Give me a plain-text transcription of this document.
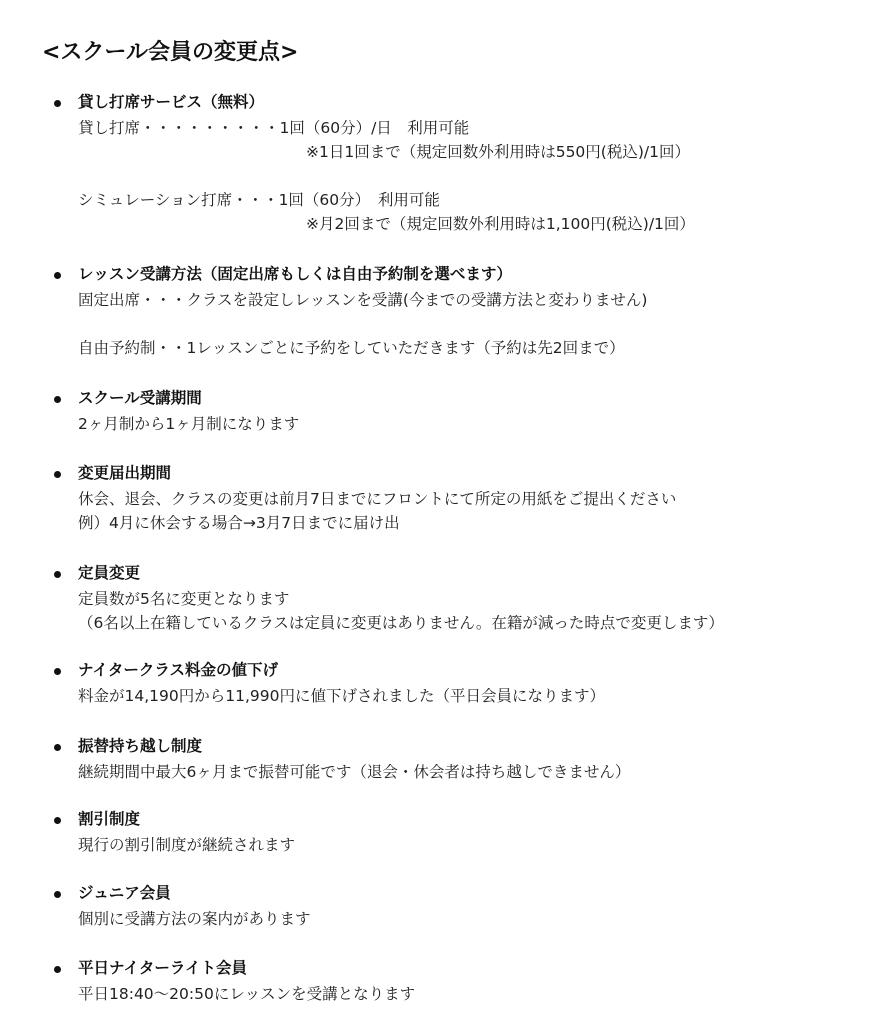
<スクール会員の変更点>
貸し打席サービス（無料）
貸し打席・・・・・・・・・1回（60分）/日　利用可能
※1日1回まで（規定回数外利用時は550円(税込)/1回）
シミュレーション打席・・・1回（60分）　利用可能
※月2回まで（規定回数外利用時は1,100円(税込)/1回）
レッスン受講方法（固定出席もしくは自由予約制を選べます）
固定出席・・・クラスを設定しレッスンを受講(今までの受講方法と変わりません)
自由予約制・・1レッスンごとに予約をしていただきます（予約は先2回まで）
スクール受講期間
2ヶ月制から1ヶ月制になります
変更届出期間
休会、退会、クラスの変更は前月7日までにフロントにて所定の用紙をご提出ください
例）4月に休会する場合→3月7日までに届け出
定員変更
定員数が5名に変更となります
（6名以上在籍しているクラスは定員に変更はありません。在籍が減った時点で変更します）
ナイタークラス料金の値下げ
料金が14,190円から11,990円に値下げされました（平日会員になります）
振替持ち越し制度
継続期間中最大6ヶ月まで振替可能です（退会・休会者は持ち越しできません）
割引制度
現行の割引制度が継続されます
ジュニア会員
個別に受講方法の案内があります
平日ナイターライト会員
平日18:40〜20:50にレッスンを受講となります
